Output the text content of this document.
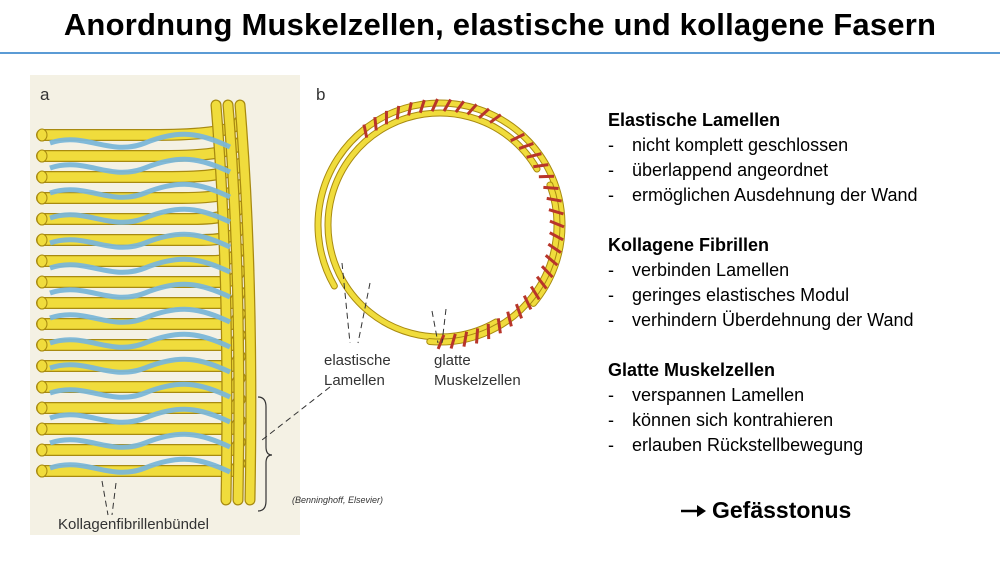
Anordnung Muskelzellen, elastische und kollagene Fasern
a	b
elastische
Lamellen
glatte
Muskelzellen
Kollagenfibrillenbündel
(Benninghoff, Elsevier)
Elastische Lamellen
-	nicht komplett geschlossen
-	überlappend angeordnet
-	ermöglichen Ausdehnung der Wand
Kollagene Fibrillen
-	verbinden Lamellen
-	geringes elastisches Modul
-	verhindern Überdehnung der Wand
Glatte Muskelzellen
-	verspannen Lamellen
-	können sich kontrahieren
-	erlauben Rückstellbewegung
Gefässtonus
